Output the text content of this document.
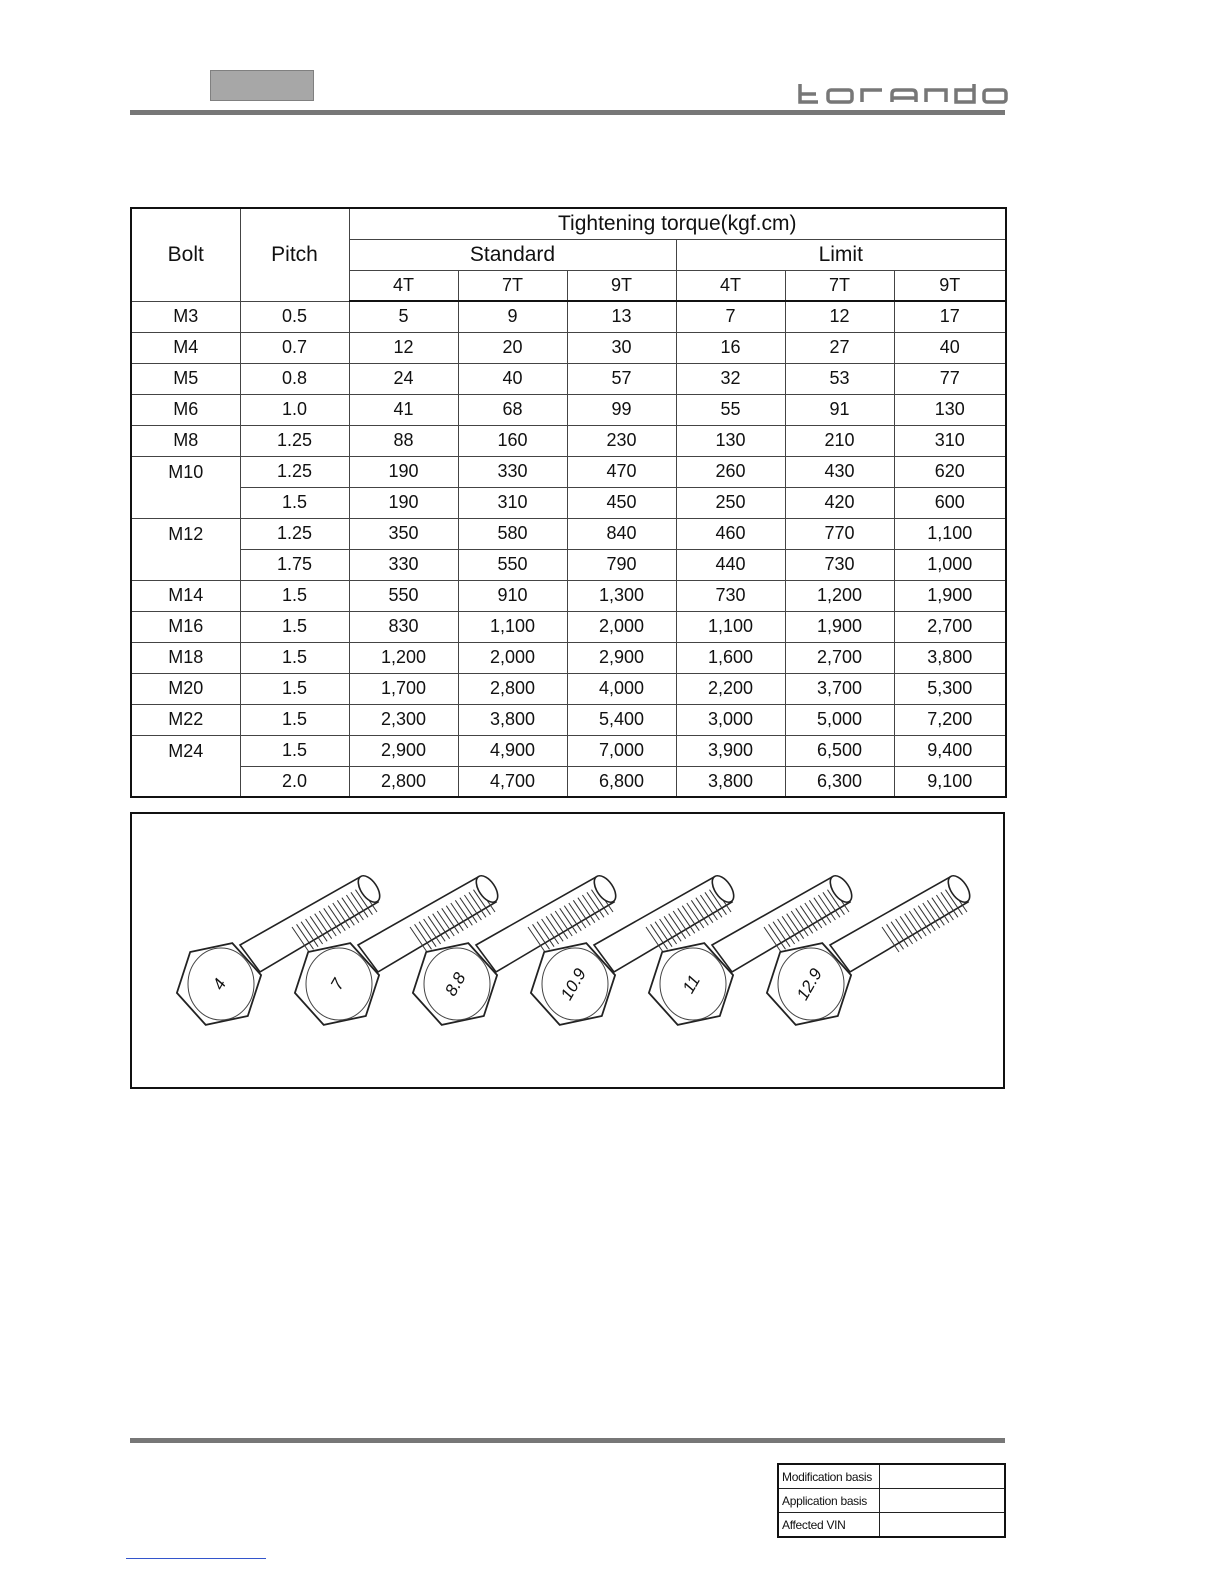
Bolt	Pitch	Tightening torque(kgf.cm)					
		Standard			Limit		
		4T	7T	9T	4T	7T	9T
M3	0.5	5	9	13	7	12	17
M4	0.7	12	20	30	16	27	40
M5	0.8	24	40	57	32	53	77
M6	1.0	41	68	99	55	91	130
M8	1.25	88	160	230	130	210	310
M10	1.25	190	330	470	260	430	620
	1.5	190	310	450	250	420	600
M12	1.25	350	580	840	460	770	1,100
	1.75	330	550	790	440	730	1,000
M14	1.5	550	910	1,300	730	1,200	1,900
M16	1.5	830	1,100	2,000	1,100	1,900	2,700
M18	1.5	1,200	2,000	2,900	1,600	2,700	3,800
M20	1.5	1,700	2,800	4,000	2,200	3,700	5,300
M22	1.5	2,300	3,800	5,400	3,000	5,000	7,200
M24	1.5	2,900	4,900	7,000	3,900	6,500	9,400
	2.0	2,800	4,700	6,800	3,800	6,300	9,100
4	7	8.8	10.9	11	12.9
Modification basis	
Application basis	
Affected VIN	
